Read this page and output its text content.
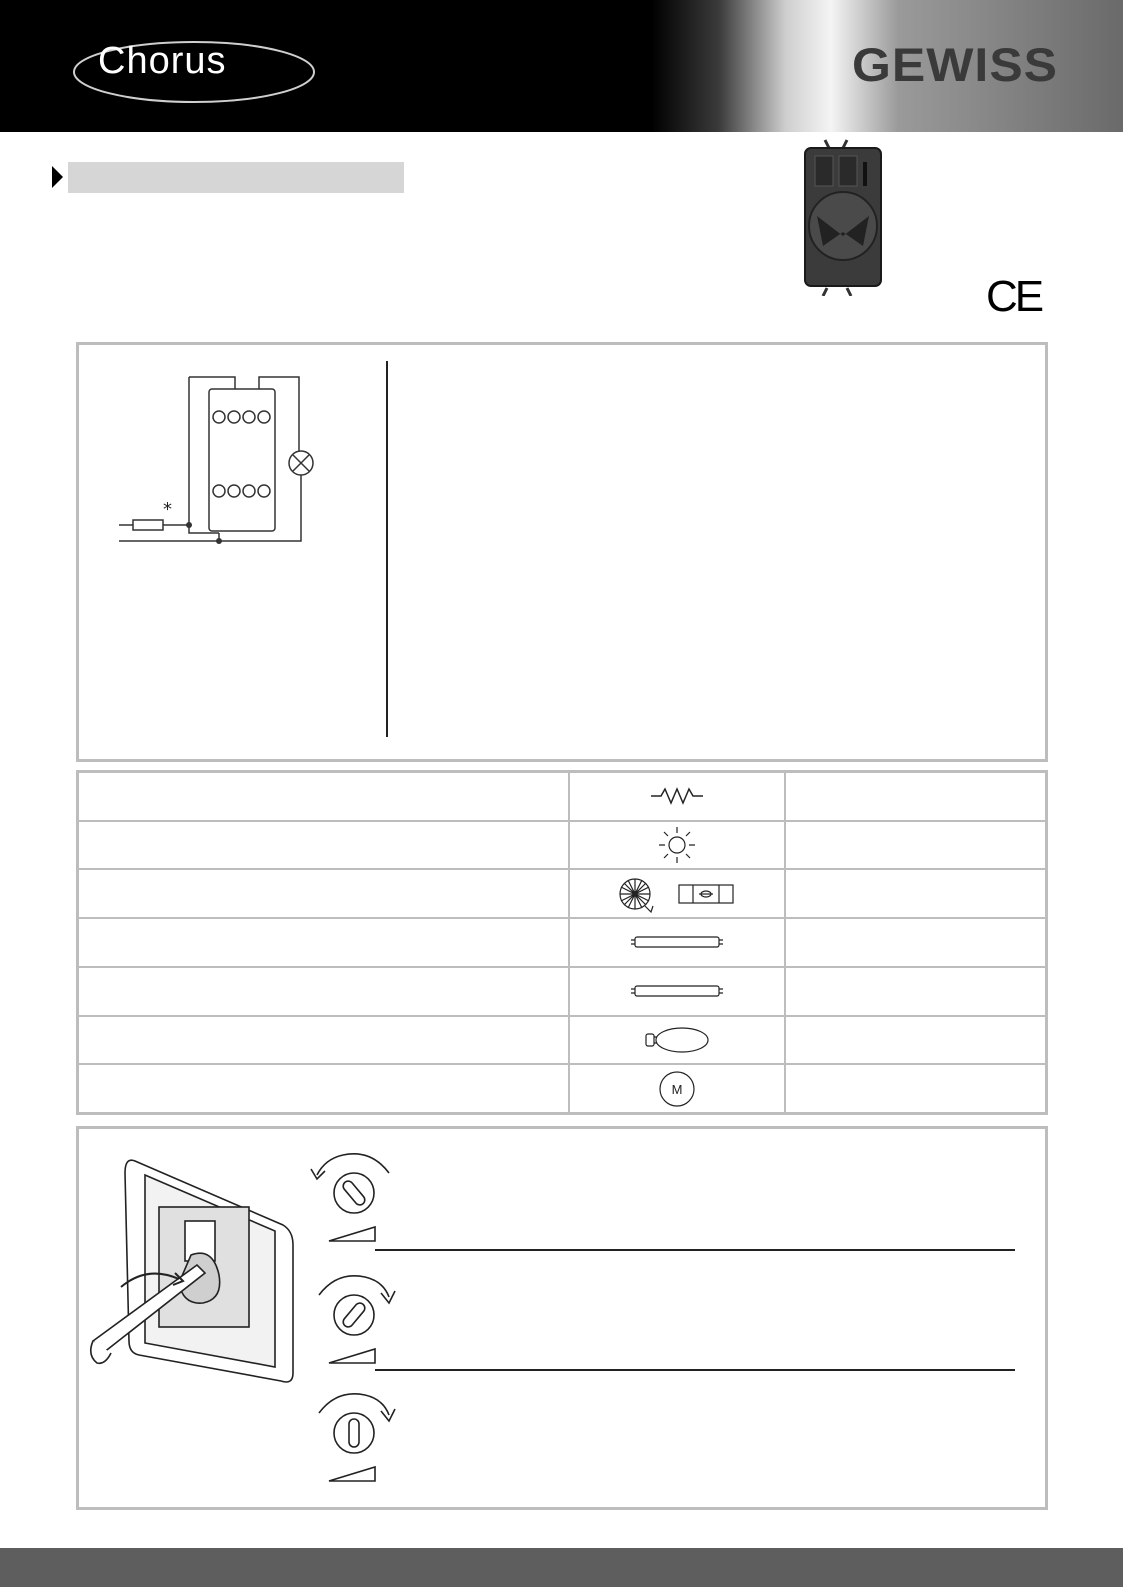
Chorus	GEWISS
CE
*

M	
